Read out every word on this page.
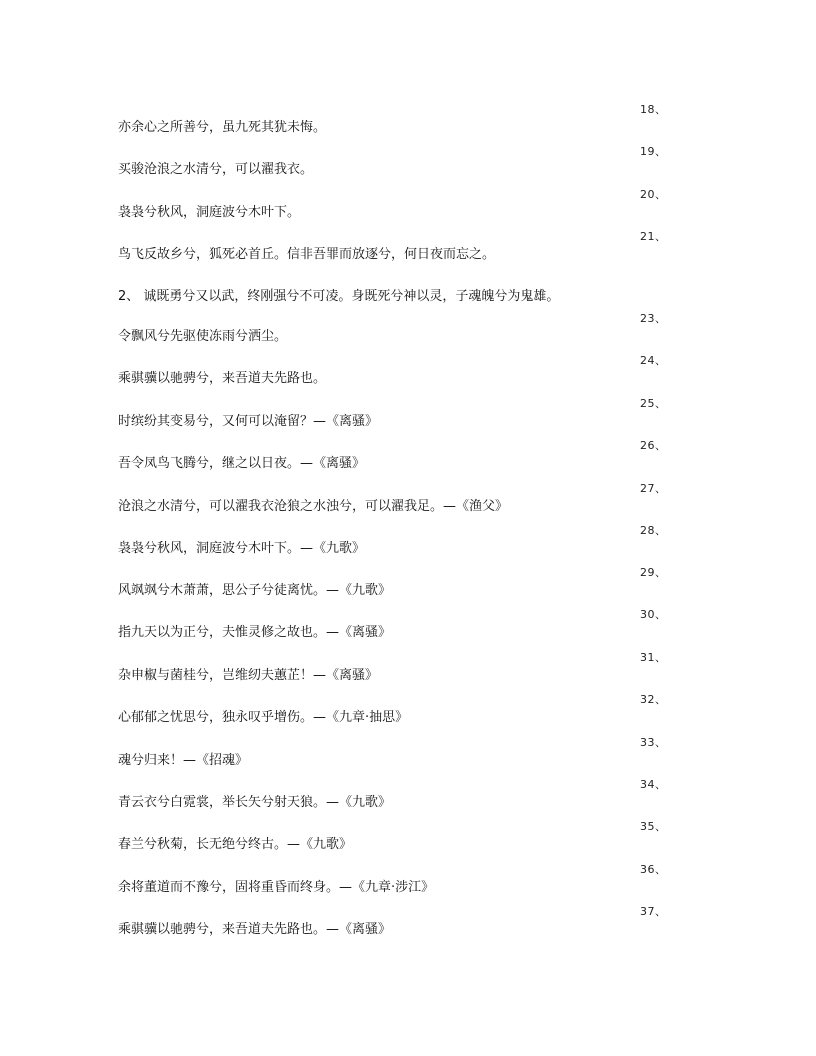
18、
亦余心之所善兮，虽九死其犹未悔。
19、
买骏沧浪之水清兮，可以濯我衣。
20、
袅袅兮秋风，洞庭波兮木叶下。
21、
鸟飞反故乡兮，狐死必首丘。信非吾罪而放逐兮，何日夜而忘之。
2、 诚既勇兮又以武，终刚强兮不可凌。身既死兮神以灵，子魂魄兮为鬼雄。
23、
令飘风兮先驱使冻雨兮洒尘。
24、
乘骐骥以驰骋兮，来吾道夫先路也。
25、
时缤纷其变易兮，又何可以淹留？—《离骚》
26、
吾令凤鸟飞腾兮，继之以日夜。—《离骚》
27、
沧浪之水清兮，可以濯我衣沧狼之水浊兮，可以濯我足。—《渔父》
28、
袅袅兮秋风，洞庭波兮木叶下。—《九歌》
29、
风飒飒兮木萧萧，思公子兮徒离忧。—《九歌》
30、
指九天以为正兮，夫惟灵修之故也。—《离骚》
31、
杂申椒与菌桂兮，岂维纫夫蕙芷！—《离骚》
32、
心郁郁之忧思兮，独永叹乎增伤。—《九章·抽思》
33、
魂兮归来！—《招魂》
34、
青云衣兮白霓裳，举长矢兮射天狼。—《九歌》
35、
春兰兮秋菊，长无绝兮终古。—《九歌》
36、
余将董道而不豫兮，固将重昏而终身。—《九章·涉江》
37、
乘骐骥以驰骋兮，来吾道夫先路也。—《离骚》
